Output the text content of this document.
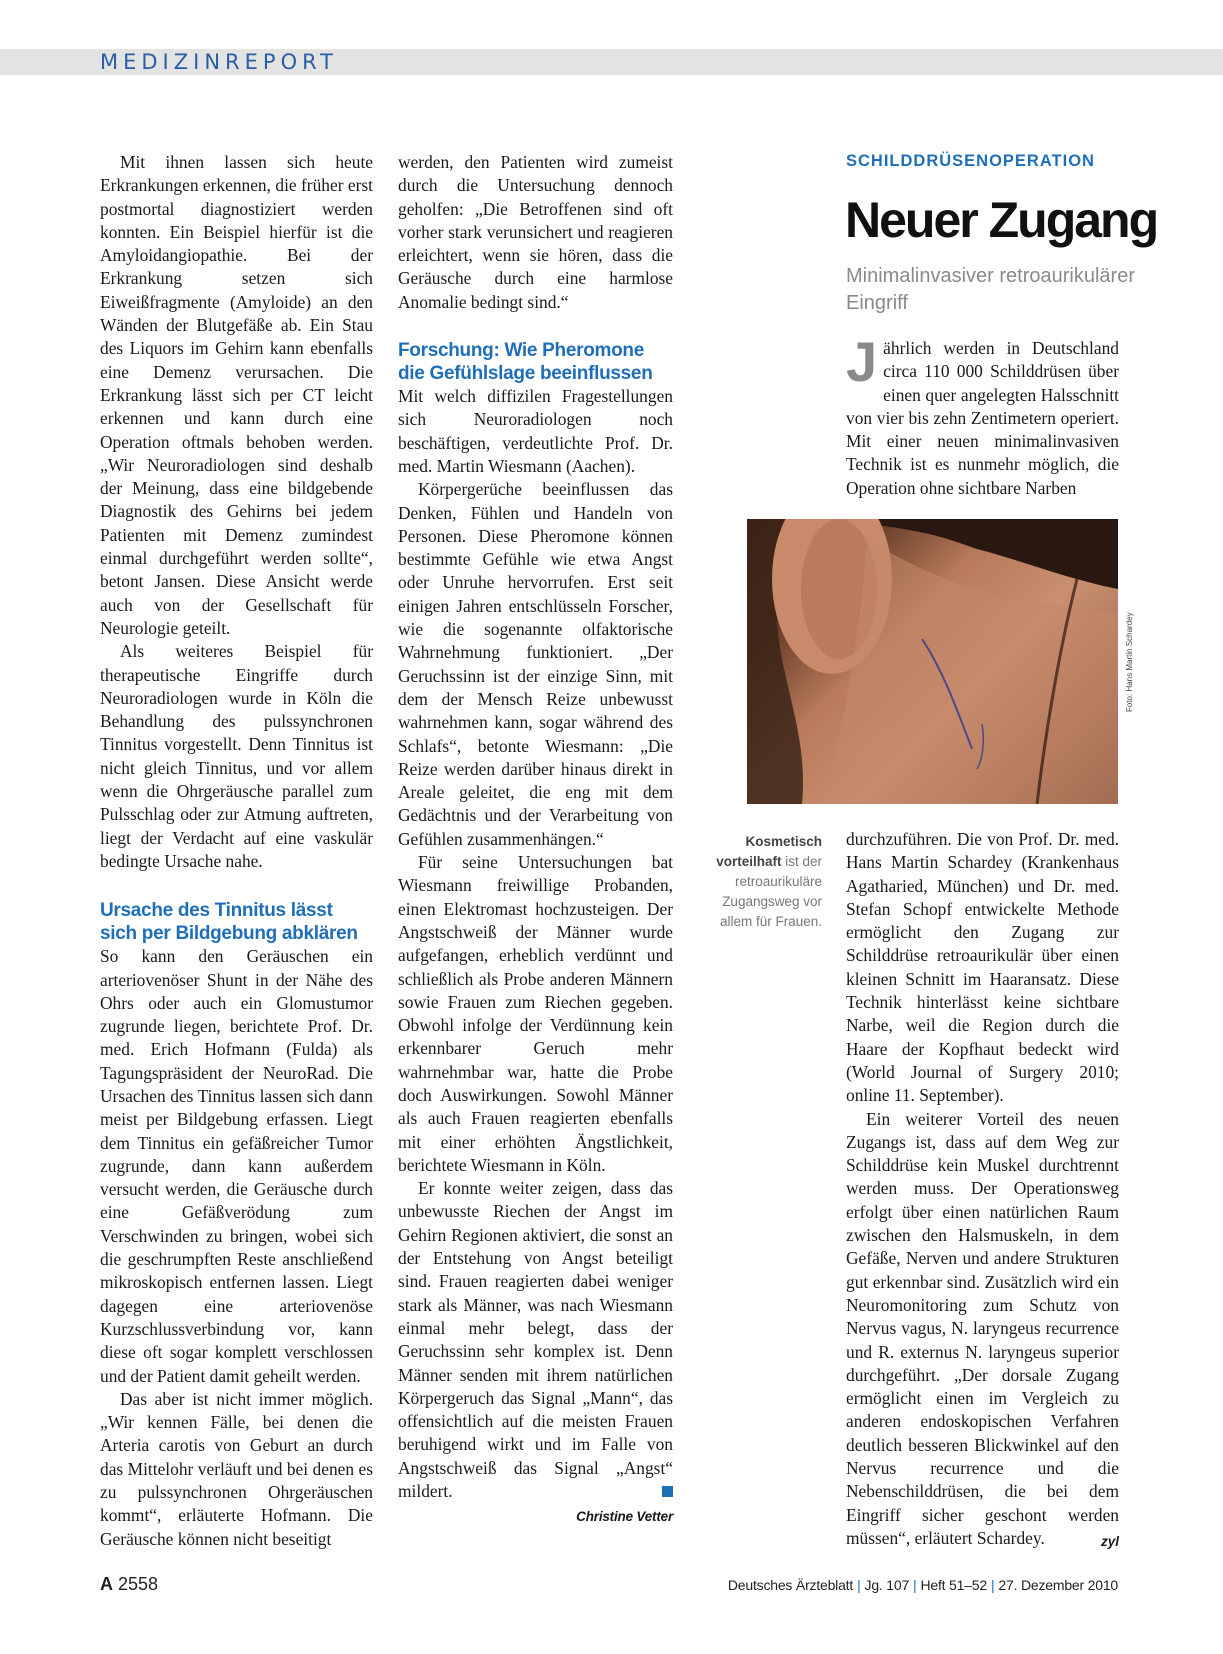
MEDIZINREPORT

Mit ihnen lassen sich heute Erkrankungen erkennen, die früher erst postmortal diagnostiziert werden konnten. Ein Beispiel hierfür ist die Amyloidangiopathie. Bei der Erkrankung setzen sich Eiweißfragmente (Amyloide) an den Wänden der Blutgefäße ab. Ein Stau des Liquors im Gehirn kann ebenfalls eine Demenz verursachen. Die Erkrankung lässt sich per CT leicht erkennen und kann durch eine Operation oftmals behoben werden. „Wir Neuroradiologen sind deshalb der Meinung, dass eine bildgebende Diagnostik des Gehirns bei jedem Patienten mit Demenz zumindest einmal durchgeführt werden sollte“, betont Jansen. Diese Ansicht werde auch von der Gesellschaft für Neurologie geteilt.

Als weiteres Beispiel für therapeutische Eingriffe durch Neuroradiologen wurde in Köln die Behandlung des pulssynchronen Tinnitus vorgestellt. Denn Tinnitus ist nicht gleich Tinnitus, und vor allem wenn die Ohrgeräusche parallel zum Pulsschlag oder zur Atmung auftreten, liegt der Verdacht auf eine vaskulär bedingte Ursache nahe.

Ursache des Tinnitus lässt sich per Bildgebung abklären

So kann den Geräuschen ein arteriovenöser Shunt in der Nähe des Ohrs oder auch ein Glomustumor zugrunde liegen, berichtete Prof. Dr. med. Erich Hofmann (Fulda) als Tagungspräsident der NeuroRad. Die Ursachen des Tinnitus lassen sich dann meist per Bildgebung erfassen. Liegt dem Tinnitus ein gefäßreicher Tumor zugrunde, dann kann außerdem versucht werden, die Geräusche durch eine Gefäßverödung zum Verschwinden zu bringen, wobei sich die geschrumpften Reste anschließend mikroskopisch entfernen lassen. Liegt dagegen eine arteriovenöse Kurzschlussverbindung vor, kann diese oft sogar komplett verschlossen und der Patient damit geheilt werden.

Das aber ist nicht immer möglich. „Wir kennen Fälle, bei denen die Arteria carotis von Geburt an durch das Mittelohr verläuft und bei denen es zu pulssynchronen Ohrgeräuschen kommt“, erläuterte Hofmann. Die Geräusche können nicht beseitigt

werden, den Patienten wird zumeist durch die Untersuchung dennoch geholfen: „Die Betroffenen sind oft vorher stark verunsichert und reagieren erleichtert, wenn sie hören, dass die Geräusche durch eine harmlose Anomalie bedingt sind.“

Forschung: Wie Pheromone die Gefühlslage beeinflussen

Mit welch diffizilen Fragestellungen sich Neuroradiologen noch beschäftigen, verdeutlichte Prof. Dr. med. Martin Wiesmann (Aachen).

Körpergerüche beeinflussen das Denken, Fühlen und Handeln von Personen. Diese Pheromone können bestimmte Gefühle wie etwa Angst oder Unruhe hervorrufen. Erst seit einigen Jahren entschlüsseln Forscher, wie die sogenannte olfaktorische Wahrnehmung funktioniert. „Der Geruchssinn ist der einzige Sinn, mit dem der Mensch Reize unbewusst wahrnehmen kann, sogar während des Schlafs“, betonte Wiesmann: „Die Reize werden darüber hinaus direkt in Areale geleitet, die eng mit dem Gedächtnis und der Verarbeitung von Gefühlen zusammenhängen.“

Für seine Untersuchungen bat Wiesmann freiwillige Probanden, einen Elektromast hochzusteigen. Der Angstschweiß der Männer wurde aufgefangen, erheblich verdünnt und schließlich als Probe anderen Männern sowie Frauen zum Riechen gegeben. Obwohl infolge der Verdünnung kein erkennbarer Geruch mehr wahrnehmbar war, hatte die Probe doch Auswirkungen. Sowohl Männer als auch Frauen reagierten ebenfalls mit einer erhöhten Ängstlichkeit, berichtete Wiesmann in Köln.

Er konnte weiter zeigen, dass das unbewusste Riechen der Angst im Gehirn Regionen aktiviert, die sonst an der Entstehung von Angst beteiligt sind. Frauen reagierten dabei weniger stark als Männer, was nach Wiesmann einmal mehr belegt, dass der Geruchssinn sehr komplex ist. Denn Männer senden mit ihrem natürlichen Körpergeruch das Signal „Mann“, das offensichtlich auf die meisten Frauen beruhigend wirkt und im Falle von Angstschweiß das Signal „Angst“ mildert.

Christine Vetter
SCHILDDRÜSENOPERATION
Neuer Zugang
Minimalinvasiver retroaurikulärer Eingriff

Jährlich werden in Deutschland circa 110 000 Schilddrüsen über einen quer angelegten Halsschnitt von vier bis zehn Zentimetern operiert. Mit einer neuen minimalinvasiven Technik ist es nunmehr möglich, die Operation ohne sichtbare Narben

Foto: Hans Martin Schardey
Kosmetisch vorteilhaft ist der retroaurikuläre Zugangsweg vor allem für Frauen.

durchzuführen. Die von Prof. Dr. med. Hans Martin Schardey (Krankenhaus Agatharied, München) und Dr. med. Stefan Schopf entwickelte Methode ermöglicht den Zugang zur Schilddrüse retroaurikulär über einen kleinen Schnitt im Haaransatz. Diese Technik hinterlässt keine sichtbare Narbe, weil die Region durch die Haare der Kopfhaut bedeckt wird (World Journal of Surgery 2010; online 11. September).

Ein weiterer Vorteil des neuen Zugangs ist, dass auf dem Weg zur Schilddrüse kein Muskel durchtrennt werden muss. Der Operationsweg erfolgt über einen natürlichen Raum zwischen den Halsmuskeln, in dem Gefäße, Nerven und andere Strukturen gut erkennbar sind. Zusätzlich wird ein Neuromonitoring zum Schutz von Nervus vagus, N. laryngeus recurrence und R. externus N. laryngeus superior durchgeführt. „Der dorsale Zugang ermöglicht einen im Vergleich zu anderen endoskopischen Verfahren deutlich besseren Blickwinkel auf den Nervus recurrence und die Nebenschilddrüsen, die bei dem Eingriff sicher geschont werden müssen“, erläutert Schardey.	zyl

A 2558	Deutsches Ärzteblatt | Jg. 107 | Heft 51–52 | 27. Dezember 2010
